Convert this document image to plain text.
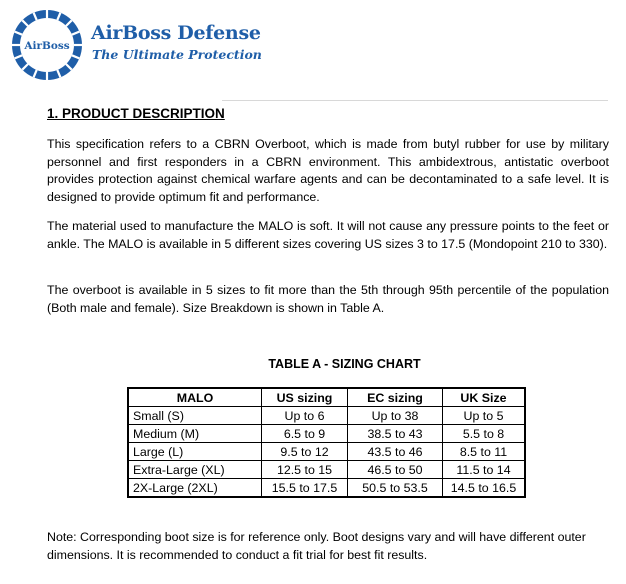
AirBoss
AirBoss Defense
The Ultimate Protection
1. PRODUCT DESCRIPTION

This specification refers to a CBRN Overboot, which is made from butyl rubber for use by military personnel and first responders in a CBRN environment. This ambidextrous, antistatic overboot provides protection against chemical warfare agents and can be decontaminated to a safe level. It is designed to provide optimum fit and performance.

The material used to manufacture the MALO is soft. It will not cause any pressure points to the feet or ankle. The MALO is available in 5 different sizes covering US sizes 3 to 17.5 (Mondopoint 210 to 330).

The overboot is available in 5 sizes to fit more than the 5th through 95th percentile of the population (Both male and female). Size Breakdown is shown in Table A.

TABLE A - SIZING CHART
MALO	US sizing	EC sizing	UK Size
Small (S)	Up to 6	Up to 38	Up to 5
Medium (M)	6.5 to 9	38.5 to 43	5.5 to 8
Large (L)	9.5 to 12	43.5 to 46	8.5 to 11
Extra-Large (XL)	12.5 to 15	46.5 to 50	11.5 to 14
2X-Large (2XL)	15.5 to 17.5	50.5 to 53.5	14.5 to 16.5

Note: Corresponding boot size is for reference only. Boot designs vary and will have different outer dimensions. It is recommended to conduct a fit trial for best fit results.
